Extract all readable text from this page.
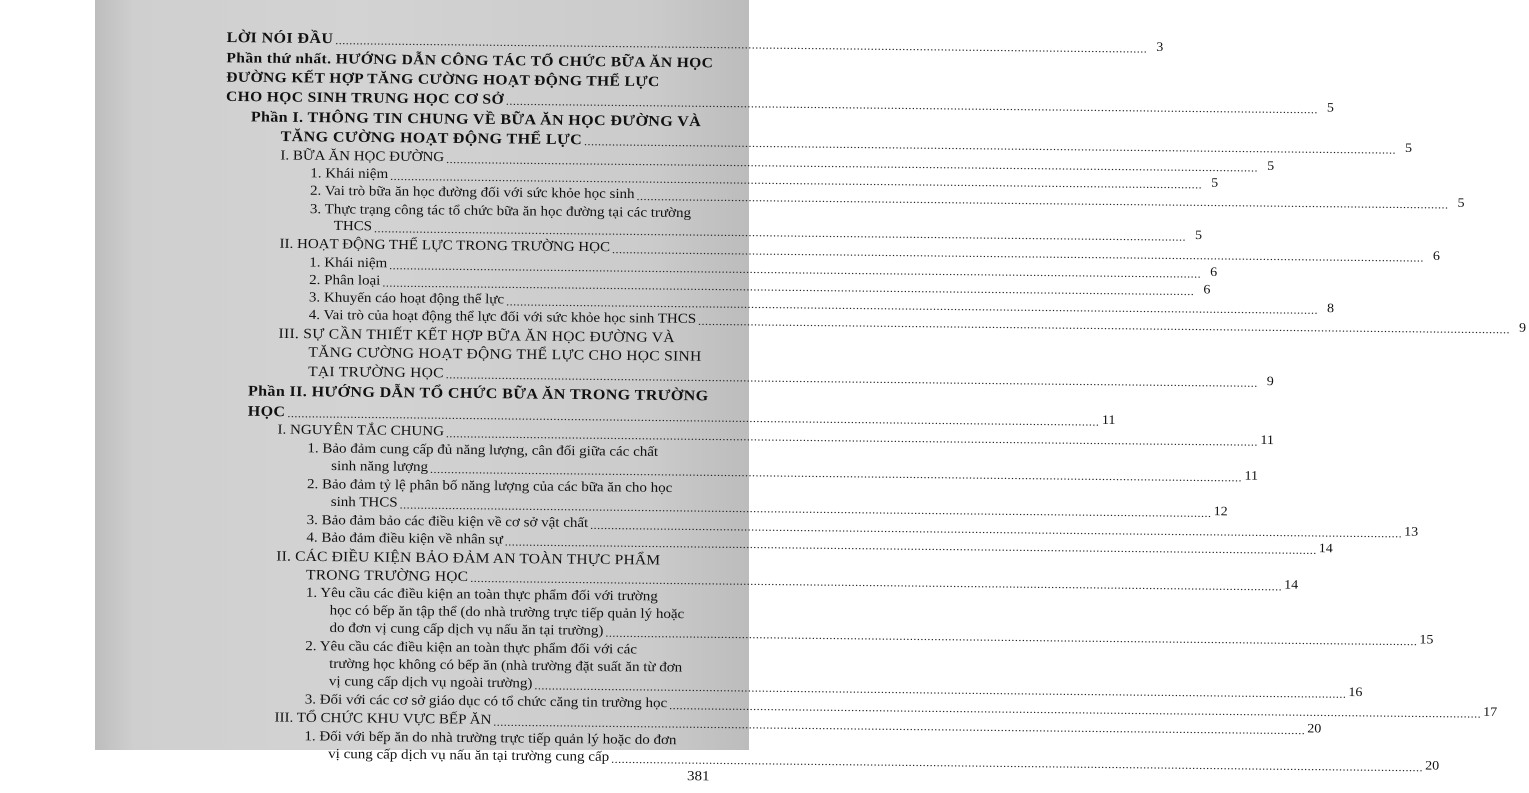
LỜI NÓI ĐẦU
.....
3
Phần thứ nhất. HƯỚNG DẪN CÔNG TÁC TỔ CHỨC BỮA ĂN HỌC
ĐƯỜNG KẾT HỢP TĂNG CƯỜNG HOẠT ĐỘNG THỂ LỰC
CHO HỌC SINH TRUNG HỌC CƠ SỞ
.....
5
Phần I. THÔNG TIN CHUNG VỀ BỮA ĂN HỌC ĐƯỜNG VÀ
TĂNG CƯỜNG HOẠT ĐỘNG THỂ LỰC
.....
5
I. BỮA ĂN HỌC ĐƯỜNG
.....
5
1. Khái niệm
.....
5
2. Vai trò bữa ăn học đường đối với sức khỏe học sinh
.....
5
3. Thực trạng công tác tổ chức bữa ăn học đường tại các trường
THCS
.....
5
II. HOẠT ĐỘNG THỂ LỰC TRONG TRƯỜNG HỌC
.....
6
1. Khái niệm
.....
6
2. Phân loại
.....
6
3. Khuyến cáo hoạt động thể lực
.....
8
4. Vai trò của hoạt động thể lực đối với sức khỏe học sinh THCS
.....
9
III. SỰ CẦN THIẾT KẾT HỢP BỮA ĂN HỌC ĐƯỜNG VÀ
TĂNG CƯỜNG HOẠT ĐỘNG THỂ LỰC CHO HỌC SINH
TẠI TRƯỜNG HỌC
.....
9
Phần II. HƯỚNG DẪN TỔ CHỨC BỮA ĂN TRONG TRƯỜNG
HỌC
.....
11
I. NGUYÊN TẮC CHUNG
.....
11
1. Bảo đảm cung cấp đủ năng lượng, cân đối giữa các chất
sinh năng lượng
.....
11
2. Bảo đảm tỷ lệ phân bố năng lượng của các bữa ăn cho học
sinh THCS
.....
12
3. Bảo đảm bảo các điều kiện về cơ sở vật chất
.....
13
4. Bảo đảm điều kiện về nhân sự
.....
14
II. CÁC ĐIỀU KIỆN BẢO ĐẢM AN TOÀN THỰC PHẨM
TRONG TRƯỜNG HỌC
.....
14
1. Yêu cầu các điều kiện an toàn thực phẩm đối với trường
học có bếp ăn tập thể (do nhà trường trực tiếp quản lý hoặc
do đơn vị cung cấp dịch vụ nấu ăn tại trường)
.....
15
2. Yêu cầu các điều kiện an toàn thực phẩm đối với các
trường học không có bếp ăn (nhà trường đặt suất ăn từ đơn
vị cung cấp dịch vụ ngoài trường)
.....
16
3. Đối với các cơ sở giáo dục có tổ chức căng tin trường học
.....
17
III. TỔ CHỨC KHU VỰC BẾP ĂN
.....
20
1. Đối với bếp ăn do nhà trường trực tiếp quản lý hoặc do đơn
vị cung cấp dịch vụ nấu ăn tại trường cung cấp
.....
20
381
